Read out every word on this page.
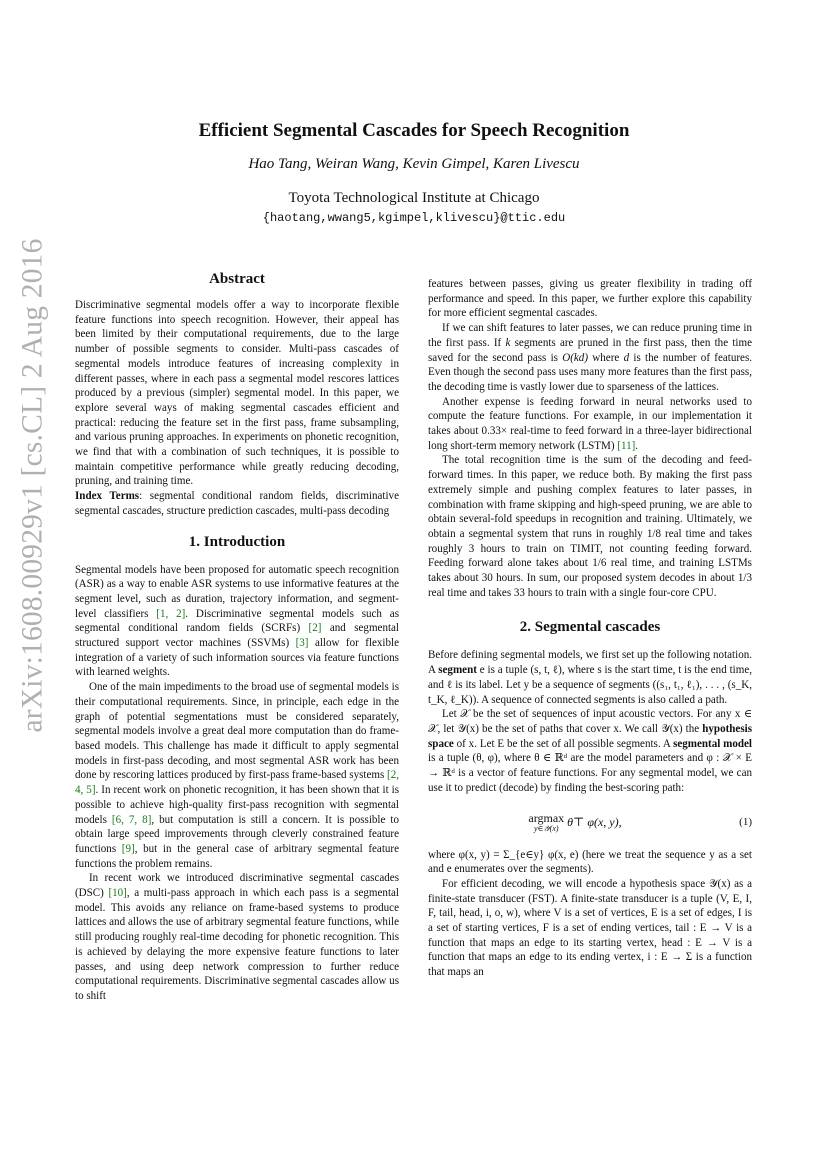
arXiv:1608.00929v1 [cs.CL] 2 Aug 2016
Efficient Segmental Cascades for Speech Recognition
Hao Tang, Weiran Wang, Kevin Gimpel, Karen Livescu
Toyota Technological Institute at Chicago
{haotang,wwang5,kgimpel,klivescu}@ttic.edu
Abstract

Discriminative segmental models offer a way to incorporate flexible feature functions into speech recognition. However, their appeal has been limited by their computational requirements, due to the large number of possible segments to consider. Multi-pass cascades of segmental models introduce features of increasing complexity in different passes, where in each pass a segmental model rescores lattices produced by a previous (simpler) segmental model. In this paper, we explore several ways of making segmental cascades efficient and practical: reducing the feature set in the first pass, frame subsampling, and various pruning approaches. In experiments on phonetic recognition, we find that with a combination of such techniques, it is possible to maintain competitive performance while greatly reducing decoding, pruning, and training time.

Index Terms: segmental conditional random fields, discriminative segmental cascades, structure prediction cascades, multi-pass decoding

1. Introduction

Segmental models have been proposed for automatic speech recognition (ASR) as a way to enable ASR systems to use informative features at the segment level, such as duration, trajectory information, and segment-level classifiers [1, 2]. Discriminative segmental models such as segmental conditional random fields (SCRFs) [2] and segmental structured support vector machines (SSVMs) [3] allow for flexible integration of a variety of such information sources via feature functions with learned weights.

One of the main impediments to the broad use of segmental models is their computational requirements. Since, in principle, each edge in the graph of potential segmentations must be considered separately, segmental models involve a great deal more computation than do frame-based models. This challenge has made it difficult to apply segmental models in first-pass decoding, and most segmental ASR work has been done by rescoring lattices produced by first-pass frame-based systems [2, 4, 5]. In recent work on phonetic recognition, it has been shown that it is possible to achieve high-quality first-pass recognition with segmental models [6, 7, 8], but computation is still a concern. It is possible to obtain large speed improvements through cleverly constrained feature functions [9], but in the general case of arbitrary segmental feature functions the problem remains.

In recent work we introduced discriminative segmental cascades (DSC) [10], a multi-pass approach in which each pass is a segmental model. This avoids any reliance on frame-based systems to produce lattices and allows the use of arbitrary segmental feature functions, while still producing roughly real-time decoding for phonetic recognition. This is achieved by delaying the more expensive feature functions to later passes, and using deep network compression to further reduce computational requirements. Discriminative segmental cascades allow us to shift

features between passes, giving us greater flexibility in trading off performance and speed. In this paper, we further explore this capability for more efficient segmental cascades.

If we can shift features to later passes, we can reduce pruning time in the first pass. If k segments are pruned in the first pass, then the time saved for the second pass is O(kd) where d is the number of features. Even though the second pass uses many more features than the first pass, the decoding time is vastly lower due to sparseness of the lattices.

Another expense is feeding forward in neural networks used to compute the feature functions. For example, in our implementation it takes about 0.33× real-time to feed forward in a three-layer bidirectional long short-term memory network (LSTM) [11].

The total recognition time is the sum of the decoding and feed-forward times. In this paper, we reduce both. By making the first pass extremely simple and pushing complex features to later passes, in combination with frame skipping and high-speed pruning, we are able to obtain several-fold speedups in recognition and training. Ultimately, we obtain a segmental system that runs in roughly 1/8 real time and takes roughly 3 hours to train on TIMIT, not counting feeding forward. Feeding forward alone takes about 1/6 real time, and training LSTMs takes about 30 hours. In sum, our proposed system decodes in about 1/3 real time and takes 33 hours to train with a single four-core CPU.

2. Segmental cascades

Before defining segmental models, we first set up the following notation. A segment e is a tuple (s, t, ℓ), where s is the start time, t is the end time, and ℓ is its label. Let y be a sequence of segments ((s₁, t₁, ℓ₁), . . . , (s_K, t_K, ℓ_K)). A sequence of connected segments is also called a path.

Let 𝒳 be the set of sequences of input acoustic vectors. For any x ∈ 𝒳, let 𝒴(x) be the set of paths that cover x. We call 𝒴(x) the hypothesis space of x. Let E be the set of all possible segments. A segmental model is a tuple (θ, φ), where θ ∈ ℝᵈ are the model parameters and φ : 𝒳 × E → ℝᵈ is a vector of feature functions. For any segmental model, we can use it to predict (decode) by finding the best-scoring path:

argmax
y∈𝒴(x) θ⊤ φ(x, y),	(1)

where φ(x, y) = Σ_{e∈y} φ(x, e) (here we treat the sequence y as a set and e enumerates over the segments).

For efficient decoding, we will encode a hypothesis space 𝒴(x) as a finite-state transducer (FST). A finite-state transducer is a tuple (V, E, I, F, tail, head, i, o, w), where V is a set of vertices, E is a set of edges, I is a set of starting vertices, F is a set of ending vertices, tail : E → V is a function that maps an edge to its starting vertex, head : E → V is a function that maps an edge to its ending vertex, i : E → Σ is a function that maps an
